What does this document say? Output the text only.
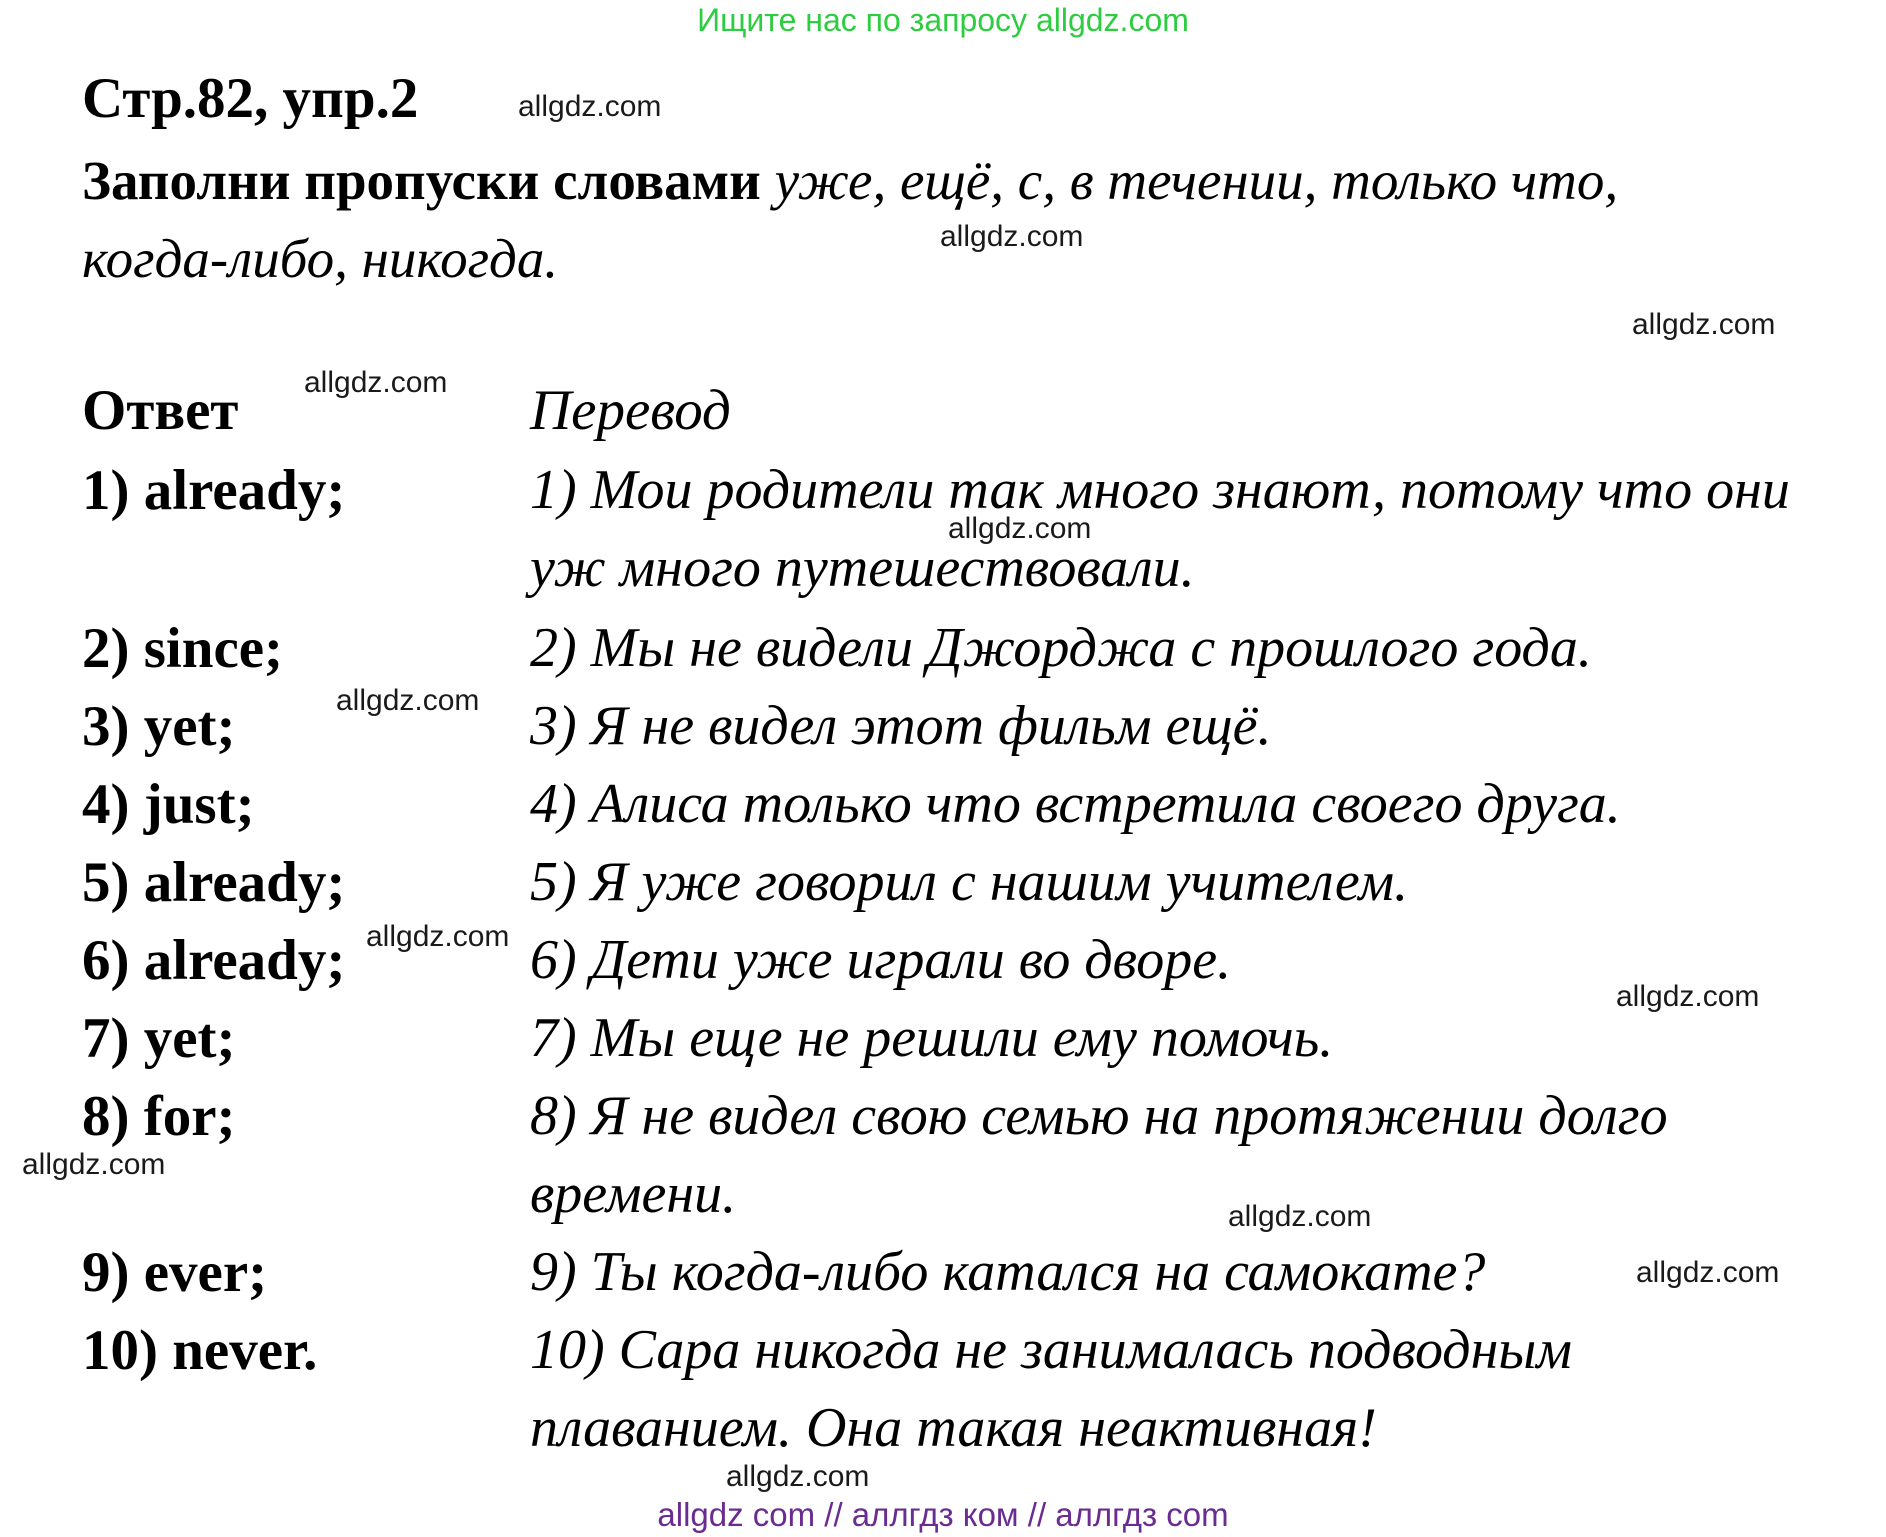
Ищите нас по запросу allgdz.com
Стр.82, упр.2
Заполни пропуски словами уже, ещё, с, в течении, только что,
когда-либо, никогда.
Ответ	Перевод
1) already;
2) since;
3) yet;
4) just;
5) already;
6) already;
7) yet;
8) for;
9) ever;
10) never.
1) Мои родители так много знают, потому что они
уж много путешествовали.
2) Мы не видели Джорджа с прошлого года.
3) Я не видел этот фильм ещё.
4) Алиса только что встретила своего друга.
5) Я уже говорил с нашим учителем.
6) Дети уже играли во дворе.
7) Мы еще не решили ему помочь.
8) Я не видел свою семью на протяжении долго
времени.
9) Ты когда-либо катался на самокате?
10) Сара никогда не занималась подводным
плаванием. Она такая неактивная!
allgdz.com
allgdz.com
allgdz.com
allgdz.com
allgdz.com
allgdz.com
allgdz.com
allgdz.com
allgdz.com
allgdz.com
allgdz.com
allgdz.com
allgdz com // аллгдз ком // аллгдз com
